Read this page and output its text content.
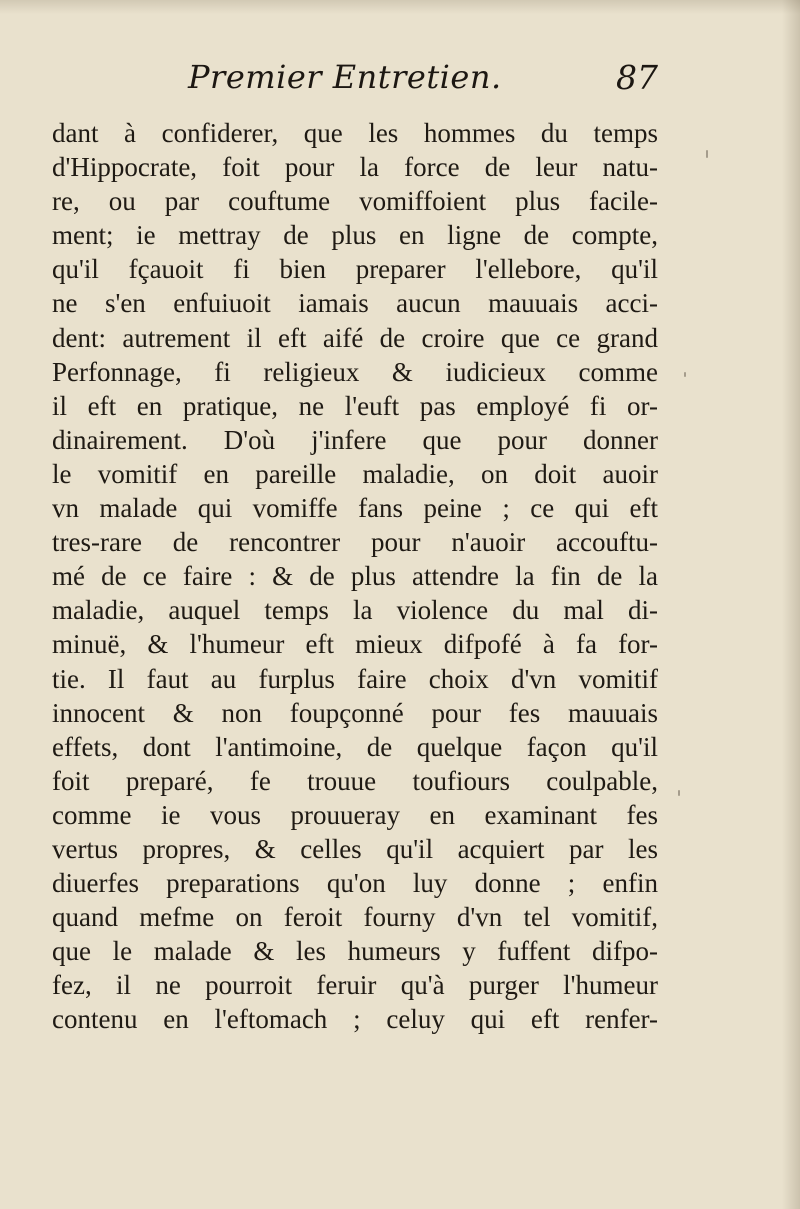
Premier Entretien.	87
dant à confiderer, que les hommes du temps
d'Hippocrate, foit pour la force de leur natu-
re, ou par couftume vomiffoient plus facile-
ment; ie mettray de plus en ligne de compte,
qu'il fçauoit fi bien preparer l'ellebore, qu'il
ne s'en enfuiuoit iamais aucun mauuais acci-
dent: autrement il eft aifé de croire que ce grand
Perfonnage, fi religieux & iudicieux comme
il eft en pratique, ne l'euft pas employé fi or-
dinairement. D'où j'infere que pour donner
le vomitif en pareille maladie, on doit auoir
vn malade qui vomiffe fans peine ; ce qui eft
tres-rare de rencontrer pour n'auoir accouftu-
mé de ce faire : & de plus attendre la fin de la
maladie, auquel temps la violence du mal di-
minuë, & l'humeur eft mieux difpofé à fa for-
tie. Il faut au furplus faire choix d'vn vomitif
innocent & non foupçonné pour fes mauuais
effets, dont l'antimoine, de quelque façon qu'il
foit preparé, fe trouue toufiours coulpable,
comme ie vous prouueray en examinant fes
vertus propres, & celles qu'il acquiert par les
diuerfes preparations qu'on luy donne ; enfin
quand mefme on feroit fourny d'vn tel vomitif,
que le malade & les humeurs y fuffent difpo-
fez, il ne pourroit feruir qu'à purger l'humeur
contenu en l'eftomach ; celuy qui eft renfer-
